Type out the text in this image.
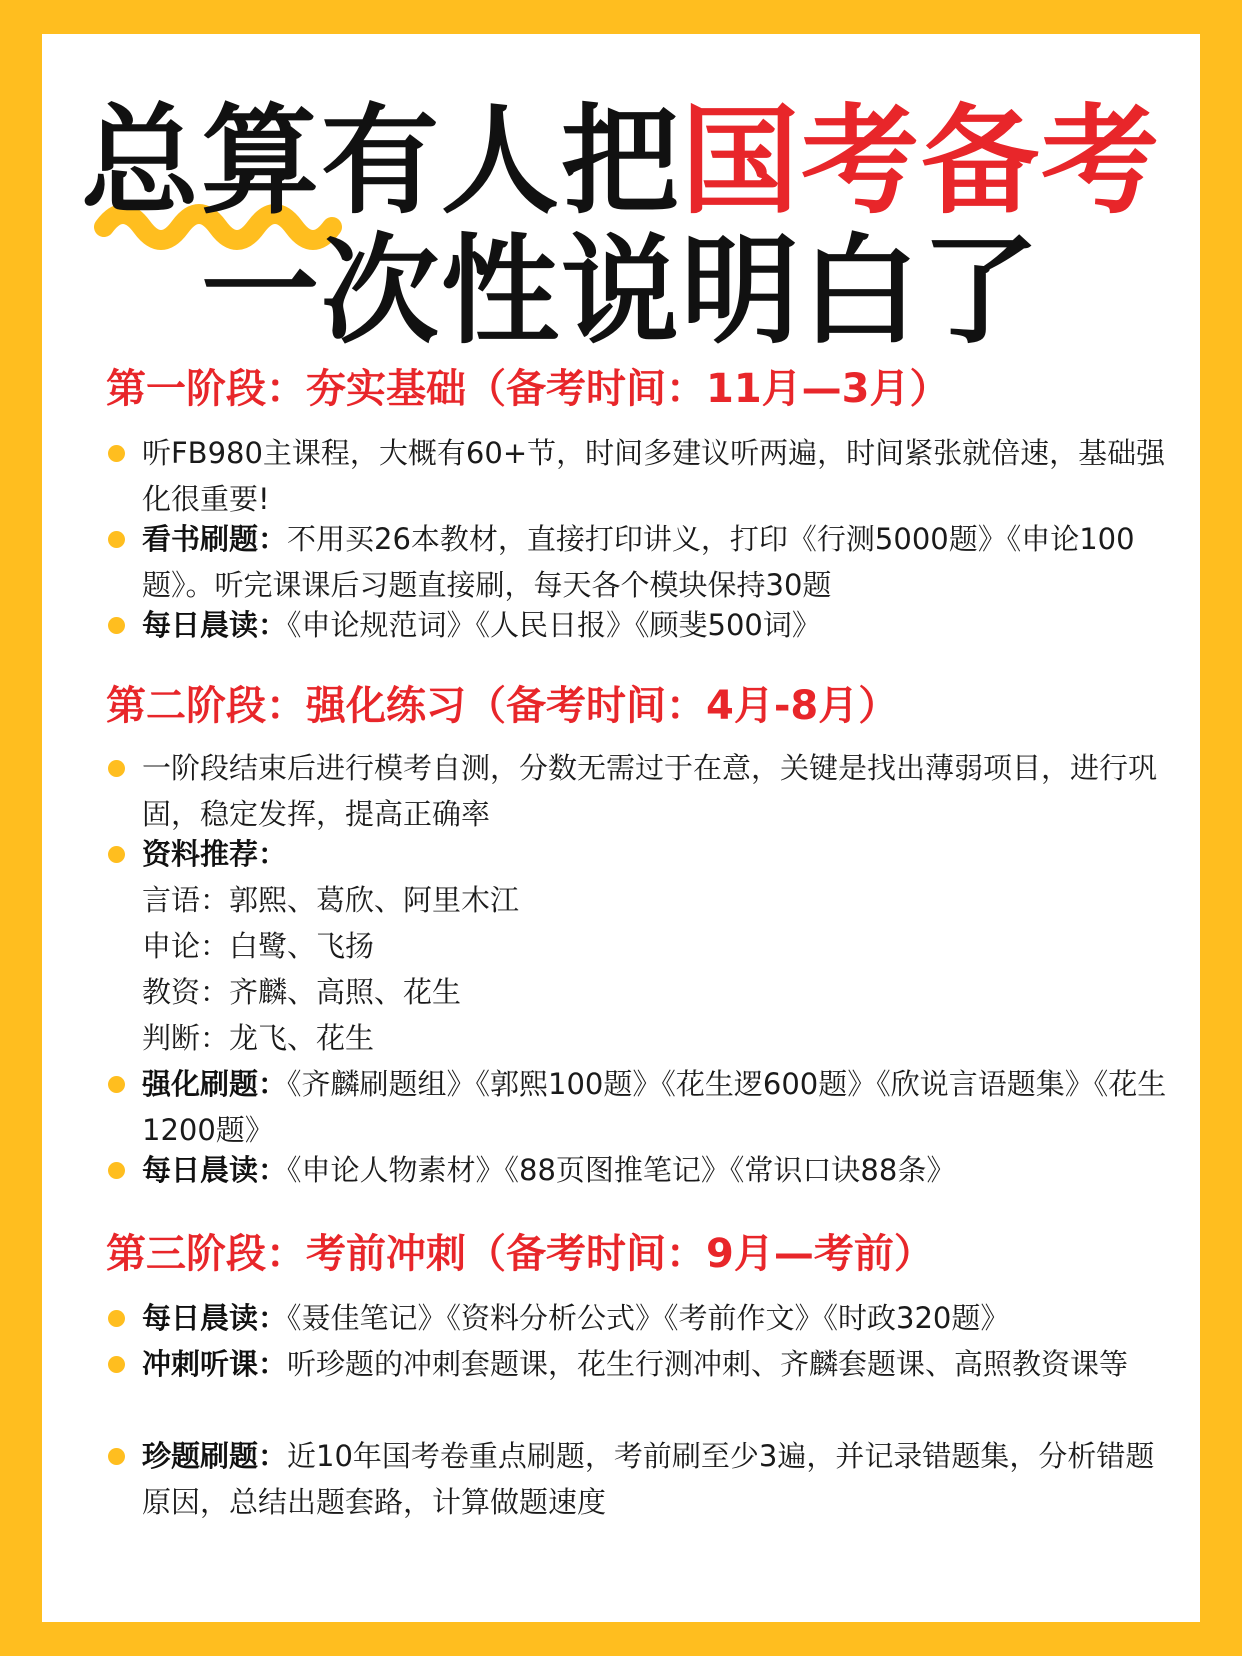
总算有人把国考备考
一次性说明白了
第一阶段：夯实基础（备考时间：11月—3月）
听FB980主课程，大概有60+节，时间多建议听两遍，时间紧张就倍速，基础强化很重要!
看书刷题：不用买26本教材，直接打印讲义，打印《行测5000题》《申论100题》。听完课课后习题直接刷，每天各个模块保持30题
每日晨读：《申论规范词》《人民日报》《顾斐500词》
第二阶段：强化练习（备考时间：4月-8月）
一阶段结束后进行模考自测，分数无需过于在意，关键是找出薄弱项目，进行巩固，稳定发挥，提高正确率
资料推荐：
言语：郭熙、葛欣、阿里木江
申论：白鹭、飞扬
教资：齐麟、高照、花生
判断：龙飞、花生
强化刷题：《齐麟刷题组》《郭熙100题》《花生逻600题》《欣说言语题集》《花生1200题》
每日晨读：《申论人物素材》《88页图推笔记》《常识口诀88条》
第三阶段：考前冲刺（备考时间：9月—考前）
每日晨读：《聂佳笔记》《资料分析公式》《考前作文》《时政320题》
冲刺听课：听珍题的冲刺套题课，花生行测冲刺、齐麟套题课、高照教资课等
珍题刷题：近10年国考卷重点刷题，考前刷至少3遍，并记录错题集，分析错题原因，总结出题套路，计算做题速度
